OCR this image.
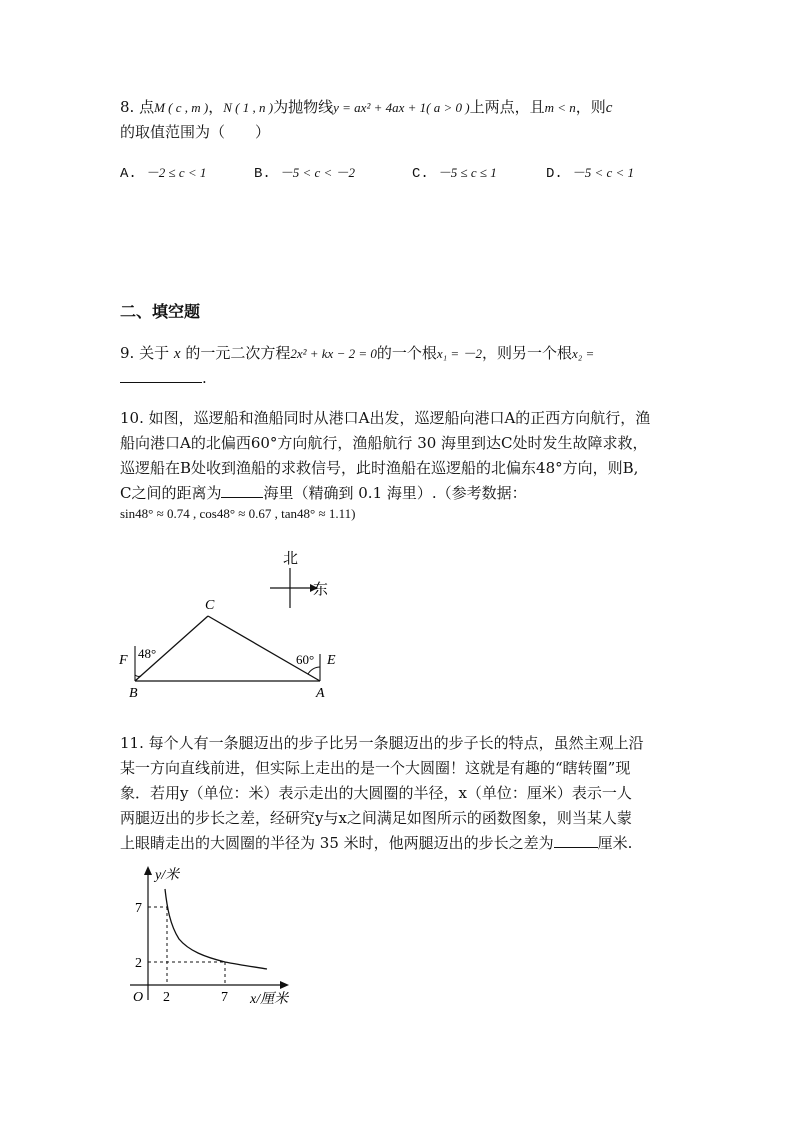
8. 点M ( c , m )，N ( 1 , n )为抛物线y = ax² + 4ax + 1( a > 0 )上两点，且m < n，则c
的取值范围为（　　）
A. －2 ≤ c < 1	B. －5 < c < －2	C. －5 ≤ c ≤ 1	D. －5 < c < 1
二、填空题
9. 关于 x 的一元二次方程2x² + kx − 2 = 0的一个根x₁ = －2，则另一个根x₂ =
.
10. 如图，巡逻船和渔船同时从港口A出发，巡逻船向港口A的正西方向航行，渔
船向港口A的北偏西60°方向航行，渔船航行 30 海里到达C处时发生故障求救，
巡逻船在B处收到渔船的求救信号，此时渔船在巡逻船的北偏东48°方向，则B,
C之间的距离为	海里（精确到 0.1 海里）.（参考数据：
sin48° ≈ 0.74 , cos48° ≈ 0.67 , tan48° ≈ 1.11)
北
东
C
F	E
B	A
48°	60°
11. 每个人有一条腿迈出的步子比另一条腿迈出的步子长的特点，虽然主观上沿
某一方向直线前进，但实际上走出的是一个大圆圈！这就是有趣的“瞎转圈”现
象．若用y（单位：米）表示走出的大圆圈的半径，x（单位：厘米）表示一人
两腿迈出的步长之差，经研究y与x之间满足如图所示的函数图象，则当某人蒙
上眼睛走出的大圆圈的半径为 35 米时，他两腿迈出的步长之差为	厘米.
y/米
x/厘米
O
7
2
2	7
